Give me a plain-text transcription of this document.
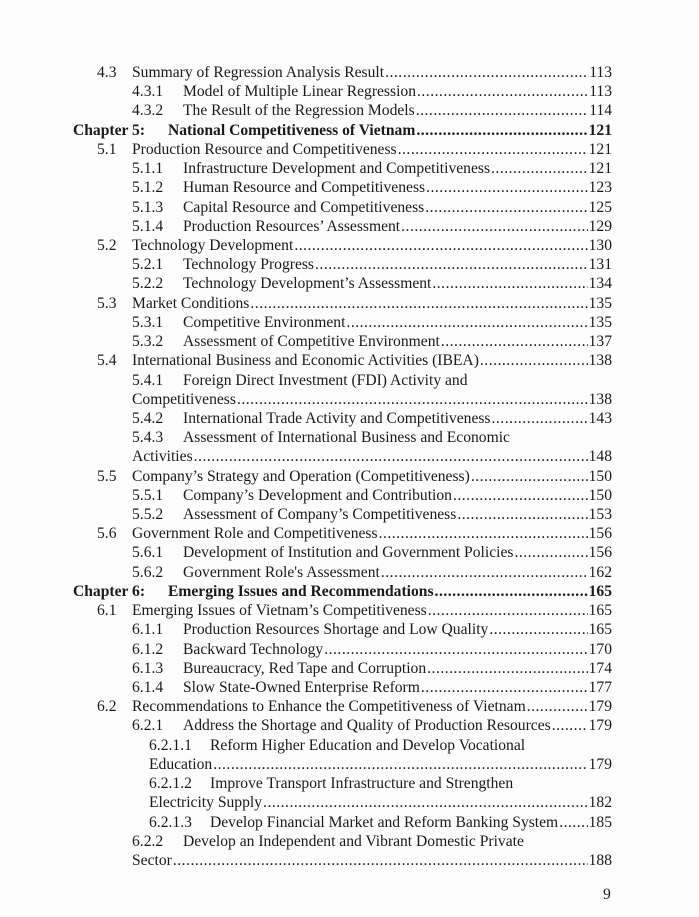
4.3 Summary of Regression Analysis Result .....	113
4.3.1 Model of Multiple Linear Regression .....	113
4.3.2 The Result of the Regression Models .....	114
Chapter 5: National Competitiveness of Vietnam .....	121
5.1 Production Resource and Competitiveness .....	121
5.1.1 Infrastructure Development and Competitiveness .....	121
5.1.2 Human Resource and Competitiveness .....	123
5.1.3 Capital Resource and Competitiveness .....	125
5.1.4 Production Resources’ Assessment .....	129
5.2 Technology Development .....	130
5.2.1 Technology Progress .....	131
5.2.2 Technology Development’s Assessment .....	134
5.3 Market Conditions .....	135
5.3.1 Competitive Environment .....	135
5.3.2 Assessment of Competitive Environment .....	137
5.4 International Business and Economic Activities (IBEA) .....	138
5.4.1 Foreign Direct Investment (FDI) Activity and
Competitiveness .....	138
5.4.2 International Trade Activity and Competitiveness .....	143
5.4.3 Assessment of International Business and Economic
Activities .....	148
5.5 Company’s Strategy and Operation (Competitiveness) .....	150
5.5.1 Company’s Development and Contribution .....	150
5.5.2 Assessment of Company’s Competitiveness .....	153
5.6 Government Role and Competitiveness .....	156
5.6.1 Development of Institution and Government Policies .....	156
5.6.2 Government Role's Assessment .....	162
Chapter 6: Emerging Issues and Recommendations .....	165
6.1 Emerging Issues of Vietnam’s Competitiveness .....	165
6.1.1 Production Resources Shortage and Low Quality .....	165
6.1.2 Backward Technology .....	170
6.1.3 Bureaucracy, Red Tape and Corruption .....	174
6.1.4 Slow State-Owned Enterprise Reform .....	177
6.2 Recommendations to Enhance the Competitiveness of Vietnam .....	179
6.2.1 Address the Shortage and Quality of Production Resources ..... 179
6.2.1.1 Reform Higher Education and Develop Vocational
Education .....	179
6.2.1.2 Improve Transport Infrastructure and Strengthen
Electricity Supply .....	182
6.2.1.3 Develop Financial Market and Reform Banking System ..... 185
6.2.2 Develop an Independent and Vibrant Domestic Private
Sector .....	188
9
